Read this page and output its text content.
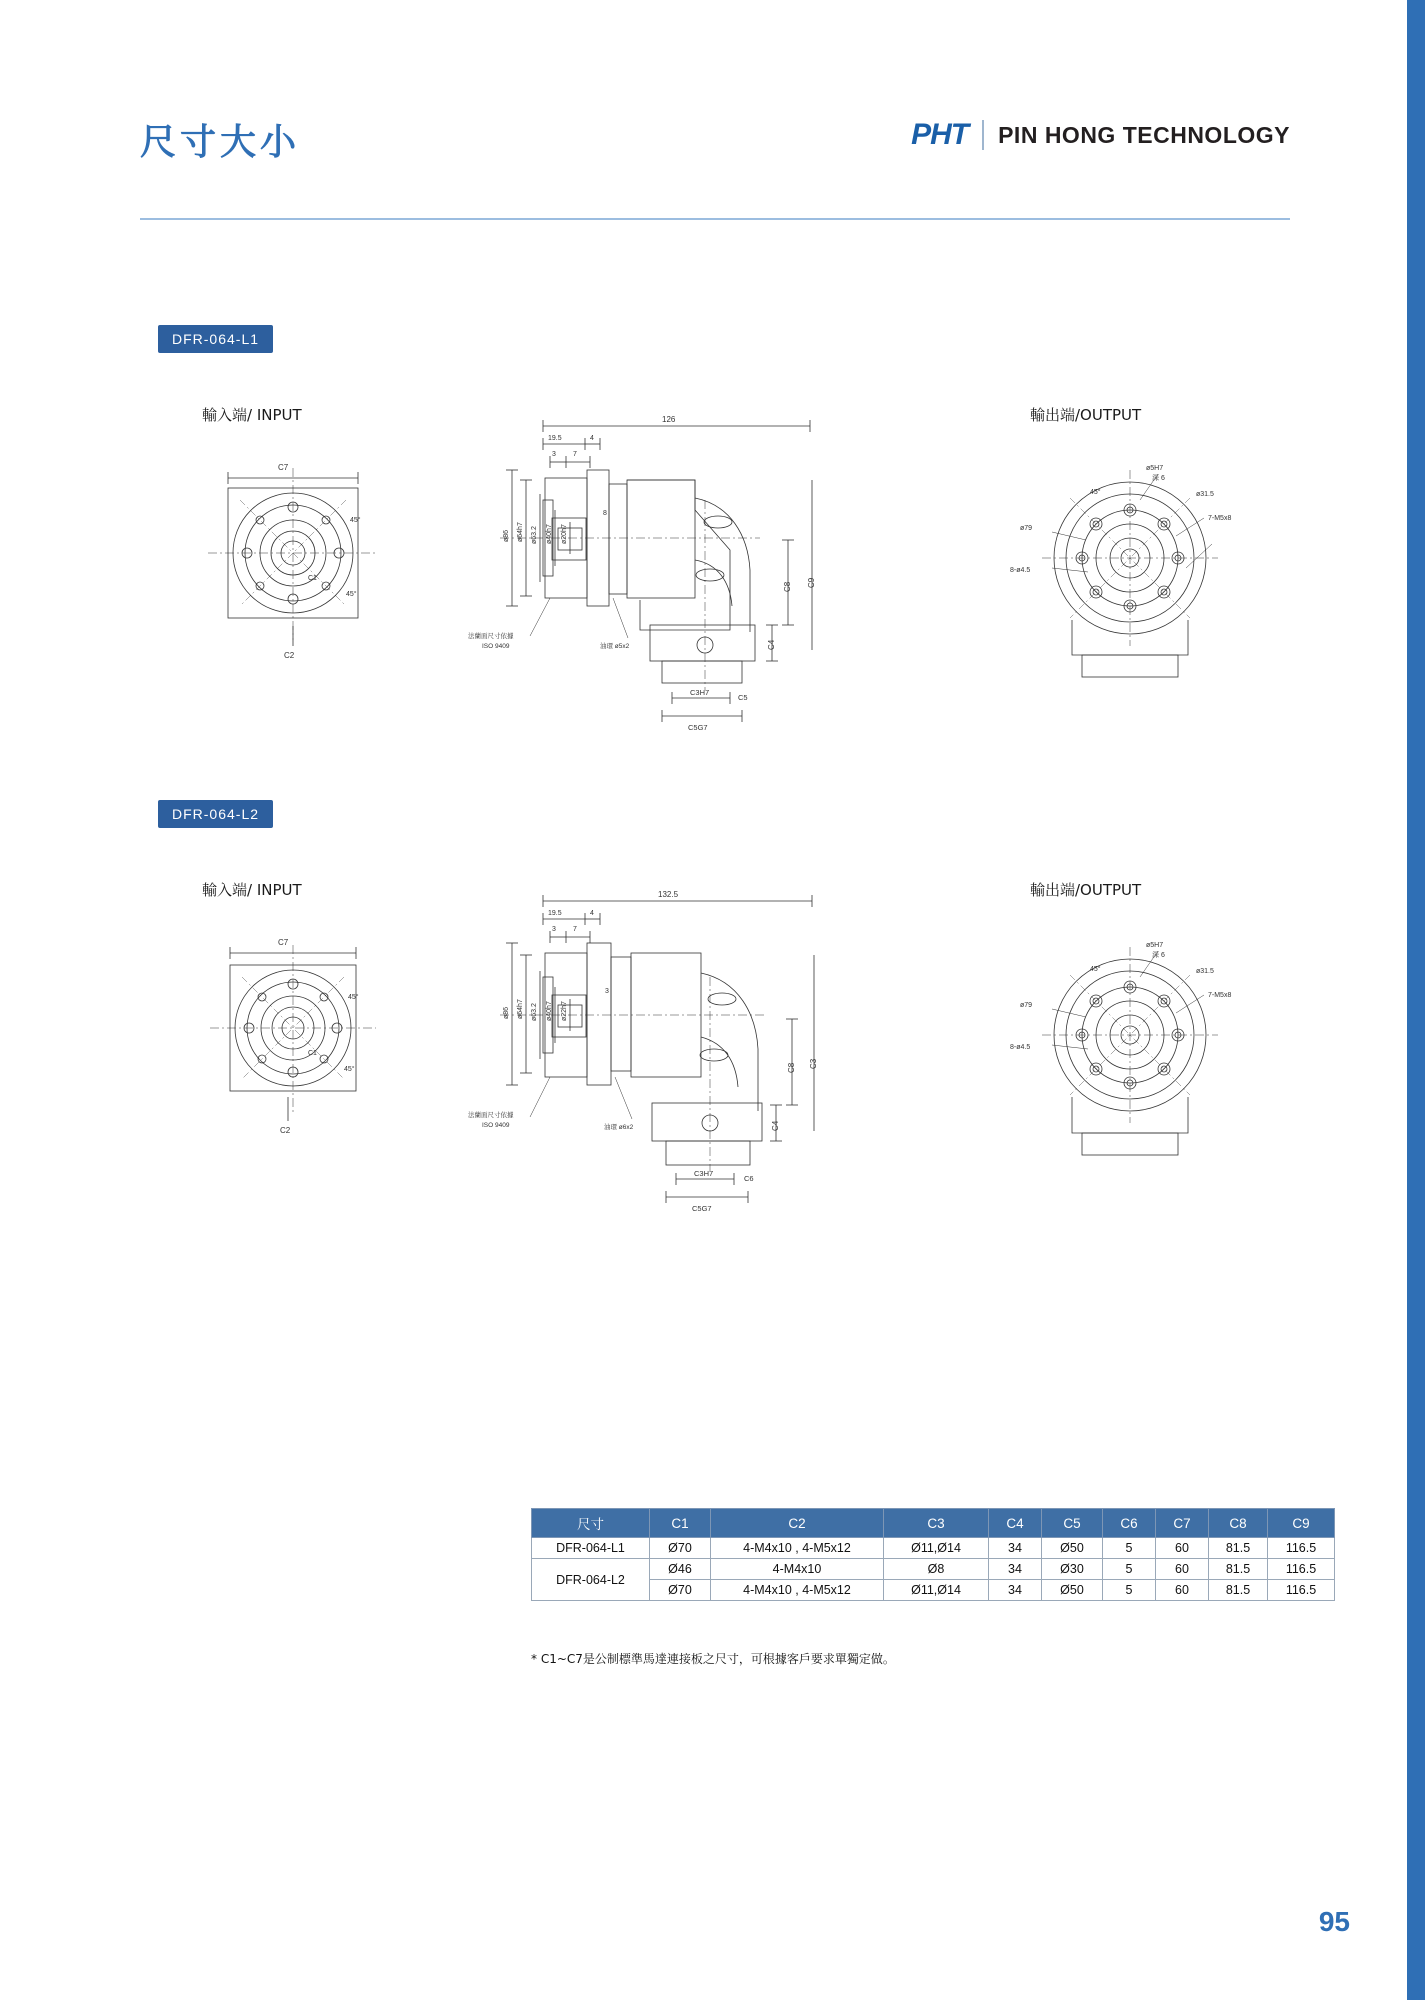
尺寸大小	PHT PIN HONG TECHNOLOGY
DFR-064-L1
輸入端/ INPUT	輸出端/OUTPUT
C7
C2
45°
45°
C1
126
19.5	4
3 7
8
ø86 ø64h7 ø63.2 ø40h7 ø20h7
C9
C8
C4
C3H7
C5
C5G7
法蘭面尺寸依據
ISO 9409	油環 ø5x2
ø5H7
深 6
ø31.5
ø79
8-ø4.5
7-M5x8
45°
DFR-064-L2
輸入端/ INPUT	輸出端/OUTPUT
C7
C2
45°
45°
C1
132.5
19.5	4
3 7
3
ø86 ø64h7 ø63.2 ø40h7 ø22h7
C3
C8
C4
C3H7
C6
C5G7
法蘭面尺寸依據
ISO 9409	油環 ø6x2
ø5H7
深 6
ø31.5
ø79
8-ø4.5
7-M5x8
45°
尺寸	C1	C2	C3	C4	C5	C6	C7	C8	C9
DFR-064-L1	Ø70	4-M4x10 , 4-M5x12	Ø11,Ø14	34	Ø50	5	60	81.5	116.5
DFR-064-L2	Ø46	4-M4x10	Ø8	34	Ø30	5	60	81.5	116.5
	Ø70	4-M4x10 , 4-M5x12	Ø11,Ø14	34	Ø50	5	60	81.5	116.5
* C1~C7是公制標準馬達連接板之尺寸，可根據客戶要求單獨定做。
95
